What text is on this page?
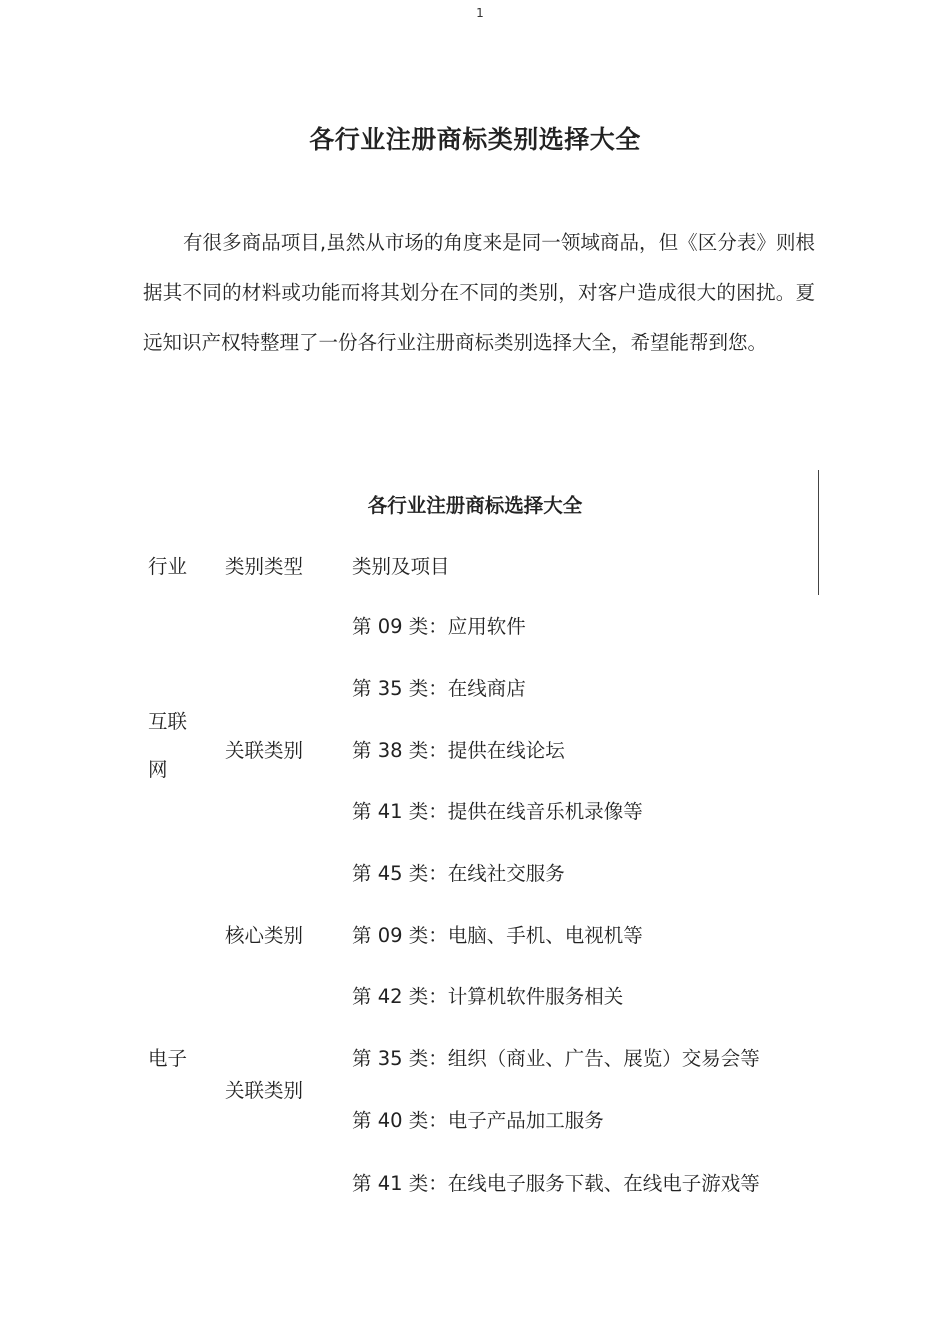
1
各行业注册商标类别选择大全

有很多商品项目,虽然从市场的角度来是同一领域商品，但《区分表》则根据其不同的材料或功能而将其划分在不同的类别，对客户造成很大的困扰。夏远知识产权特整理了一份各行业注册商标类别选择大全，希望能帮到您。

各行业注册商标选择大全
行业 类别类型	类别及项目
互联
网
关联类别
第 09 类：应用软件
第 35 类：在线商店
第 38 类：提供在线论坛
第 41 类：提供在线音乐机录像等
第 45 类：在线社交服务
电子
核心类别	第 09 类：电脑、手机、电视机等
关联类别
第 42 类：计算机软件服务相关
第 35 类：组织（商业、广告、展览）交易会等
第 40 类：电子产品加工服务
第 41 类：在线电子服务下载、在线电子游戏等
